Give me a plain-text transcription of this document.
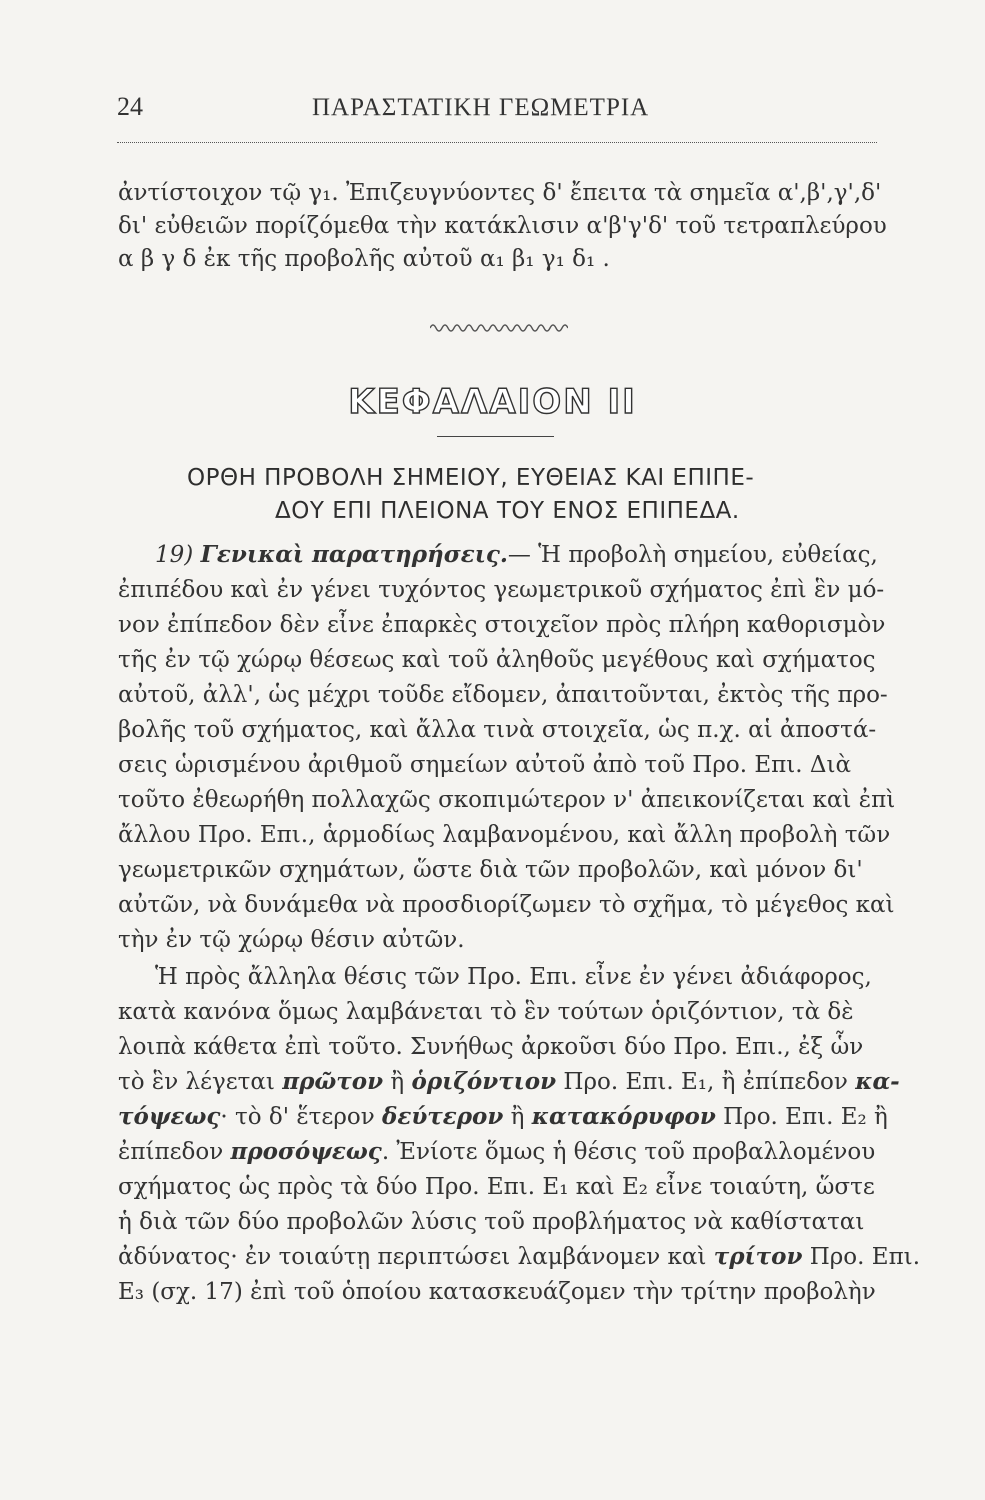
24	ΠΑΡΑΣΤΑΤΙΚΗ ΓΕΩΜΕΤΡΙΑ
ἀντίστοιχον τῷ γ₁. Ἐπιζευγνύοντες δ' ἔπειτα τὰ σημεῖα α',β',γ',δ'
δι' εὐθειῶν πορίζόμεθα τὴν κατάκλισιν α'β'γ'δ' τοῦ τετραπλεύρου
α β γ δ ἐκ τῆς προβολῆς αὐτοῦ α₁ β₁ γ₁ δ₁ .
ΚΕΦΑΛΑΙΟΝ ΙΙ
ΟΡΘΗ ΠΡΟΒΟΛΗ ΣΗΜΕΙΟΥ, ΕΥΘΕΙΑΣ ΚΑΙ ΕΠΙΠΕ-
ΔΟΥ ΕΠΙ ΠΛΕΙΟΝΑ ΤΟΥ ΕΝΟΣ ΕΠΙΠΕΔΑ.
19) Γενικαὶ παρατηρήσεις.— Ἡ προβολὴ σημείου, εὐθείας,
ἐπιπέδου καὶ ἐν γένει τυχόντος γεωμετρικοῦ σχήματος ἐπὶ ἓν μό-
νον ἐπίπεδον δὲν εἶνε ἐπαρκὲς στοιχεῖον πρὸς πλήρη καθορισμὸν
τῆς ἐν τῷ χώρῳ θέσεως καὶ τοῦ ἀληθοῦς μεγέθους καὶ σχήματος
αὐτοῦ, ἀλλ', ὡς μέχρι τοῦδε εἴδομεν, ἀπαιτοῦνται, ἐκτὸς τῆς προ-
βολῆς τοῦ σχήματος, καὶ ἄλλα τινὰ στοιχεῖα, ὡς π.χ. αἱ ἀποστά-
σεις ὡρισμένου ἀριθμοῦ σημείων αὐτοῦ ἀπὸ τοῦ Προ. Επι. Διὰ
τοῦτο ἐθεωρήθη πολλαχῶς σκοπιμώτερον ν' ἀπεικονίζεται καὶ ἐπὶ
ἄλλου Προ. Επι., ἁρμοδίως λαμβανομένου, καὶ ἄλλη προβολὴ τῶν
γεωμετρικῶν σχημάτων, ὥστε διὰ τῶν προβολῶν, καὶ μόνον δι'
αὐτῶν, νὰ δυνάμεθα νὰ προσδιορίζωμεν τὸ σχῆμα, τὸ μέγεθος καὶ
τὴν ἐν τῷ χώρῳ θέσιν αὐτῶν.
Ἡ πρὸς ἄλληλα θέσις τῶν Προ. Επι. εἶνε ἐν γένει ἀδιάφορος,
κατὰ κανόνα ὅμως λαμβάνεται τὸ ἓν τούτων ὁριζόντιον, τὰ δὲ
λοιπὰ κάθετα ἐπὶ τοῦτο. Συνήθως ἀρκοῦσι δύο Προ. Επι., ἐξ ὧν
τὸ ἓν λέγεται πρῶτον ἢ ὁριζόντιον Προ. Επι. Ε₁, ἢ ἐπίπεδον κα-
τόψεως· τὸ δ' ἕτερον δεύτερον ἢ κατακόρυφον Προ. Επι. Ε₂ ἢ
ἐπίπεδον προσόψεως. Ἐνίοτε ὅμως ἡ θέσις τοῦ προβαλλομένου
σχήματος ὡς πρὸς τὰ δύο Προ. Επι. Ε₁ καὶ Ε₂ εἶνε τοιαύτη, ὥστε
ἡ διὰ τῶν δύο προβολῶν λύσις τοῦ προβλήματος νὰ καθίσταται
ἀδύνατος· ἐν τοιαύτῃ περιπτώσει λαμβάνομεν καὶ τρίτον Προ. Επι.
Ε₃ (σχ. 17) ἐπὶ τοῦ ὁποίου κατασκευάζομεν τὴν τρίτην προβολὴν
